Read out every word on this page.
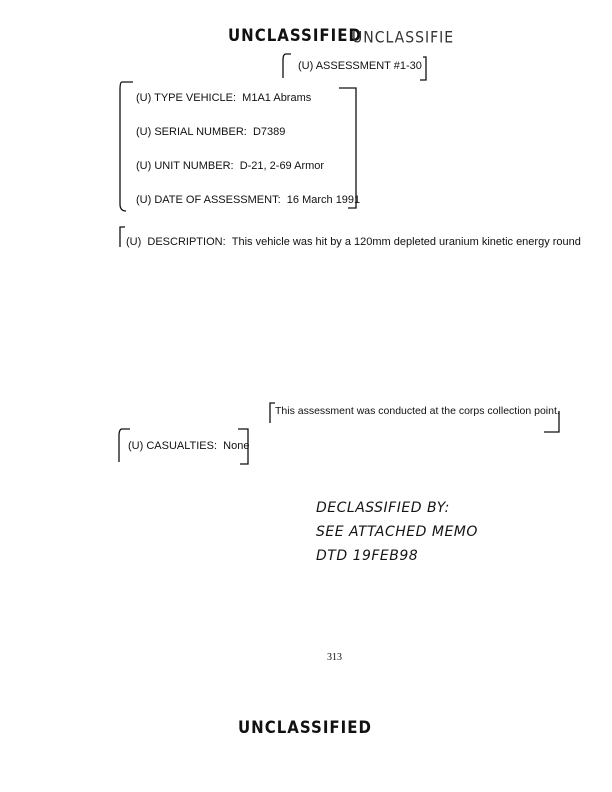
UNCLASSIFIED
UNCLASSIFIE
(U) ASSESSMENT #1-30
(U) TYPE VEHICLE: M1A1 Abrams
(U) SERIAL NUMBER: D7389
(U) UNIT NUMBER: D-21, 2-69 Armor
(U) DATE OF ASSESSMENT: 16 March 1991
(U) DESCRIPTION: This vehicle was hit by a 120mm depleted uranium kinetic energy round
This assessment was conducted at the corps collection point.
(U) CASUALTIES: None
DECLASSIFIED BY:
SEE ATTACHED MEMO
DTD 19FEB98
313
UNCLASSIFIED
